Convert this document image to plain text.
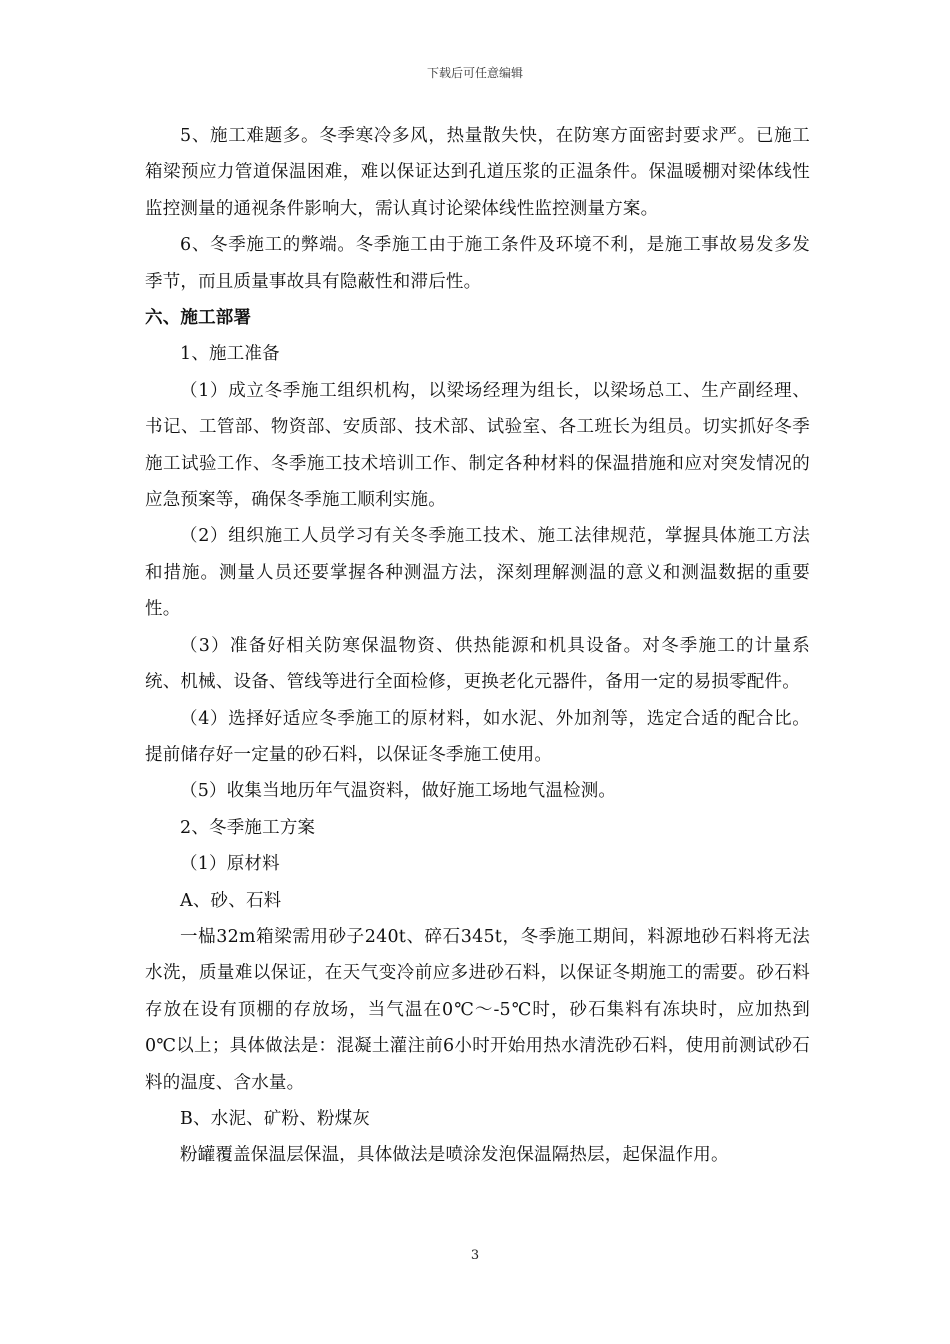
下载后可任意编辑

5、施工难题多。冬季寒冷多风，热量散失快，在防寒方面密封要求严。已施工箱梁预应力管道保温困难，难以保证达到孔道压浆的正温条件。保温暖棚对梁体线性监控测量的通视条件影响大，需认真讨论梁体线性监控测量方案。

6、冬季施工的弊端。冬季施工由于施工条件及环境不利，是施工事故易发多发季节，而且质量事故具有隐蔽性和滞后性。

六、施工部署

1、施工准备

（1）成立冬季施工组织机构，以梁场经理为组长，以梁场总工、生产副经理、书记、工管部、物资部、安质部、技术部、试验室、各工班长为组员。切实抓好冬季施工试验工作、冬季施工技术培训工作、制定各种材料的保温措施和应对突发情况的应急预案等，确保冬季施工顺利实施。

（2）组织施工人员学习有关冬季施工技术、施工法律规范，掌握具体施工方法和措施。测量人员还要掌握各种测温方法，深刻理解测温的意义和测温数据的重要性。

（3）准备好相关防寒保温物资、供热能源和机具设备。对冬季施工的计量系统、机械、设备、管线等进行全面检修，更换老化元器件，备用一定的易损零配件。

（4）选择好适应冬季施工的原材料，如水泥、外加剂等，选定合适的配合比。提前储存好一定量的砂石料，以保证冬季施工使用。

（5）收集当地历年气温资料，做好施工场地气温检测。

2、冬季施工方案

（1）原材料

A、砂、石料

一榀32m箱梁需用砂子240t、碎石345t，冬季施工期间，料源地砂石料将无法水洗，质量难以保证，在天气变冷前应多进砂石料，以保证冬期施工的需要。砂石料存放在设有顶棚的存放场，当气温在0℃～-5℃时，砂石集料有冻块时，应加热到0℃以上；具体做法是：混凝土灌注前6小时开始用热水清洗砂石料，使用前测试砂石料的温度、含水量。

B、水泥、矿粉、粉煤灰

粉罐覆盖保温层保温，具体做法是喷涂发泡保温隔热层，起保温作用。

3
